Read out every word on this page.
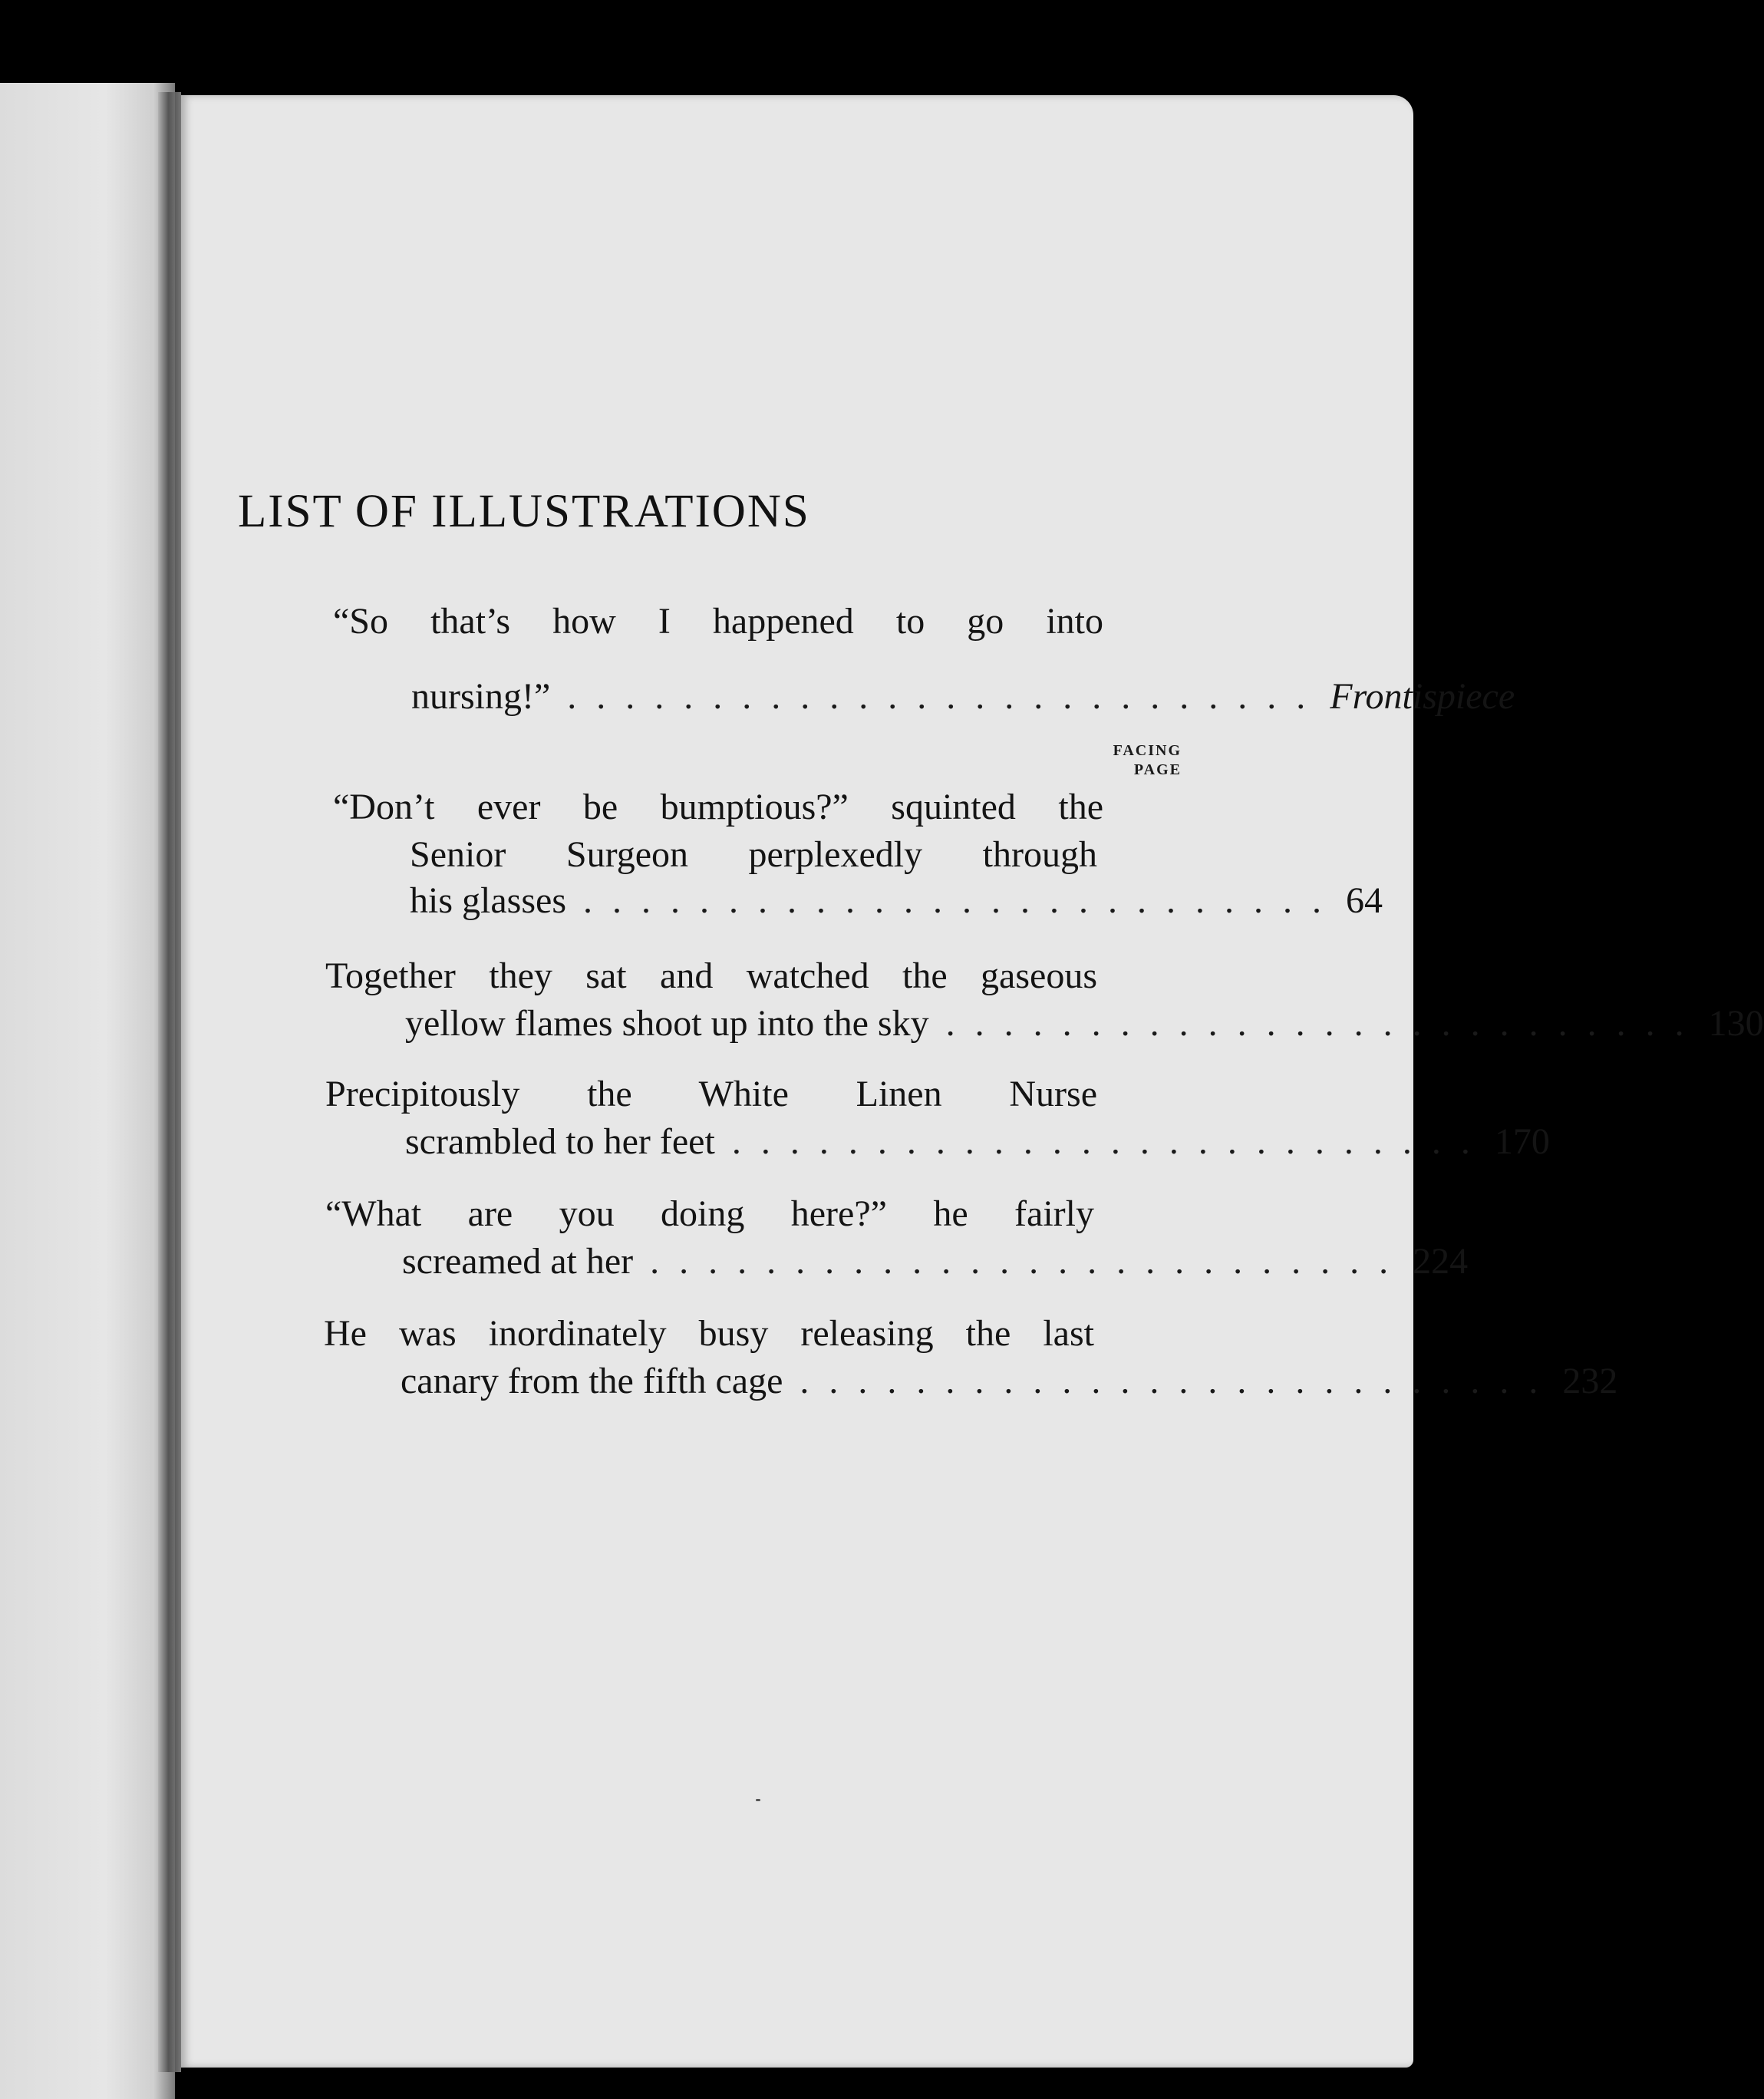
LIST OF ILLUSTRATIONS

“So that’s how I happened to go into

nursing!” .......................... Frontispiece
FACING
PAGE

“Don’t ever be bumptious?” squinted the

Senior Surgeon perplexedly through

his glasses .......................... 64

Together they sat and watched the gaseous

yellow flames shoot up into the sky .......................... 130

Precipitously the White Linen Nurse

scrambled to her feet .......................... 170

“What are you doing here?” he fairly

screamed at her .......................... 224

He was inordinately busy releasing the last

canary from the fifth cage .......................... 232
